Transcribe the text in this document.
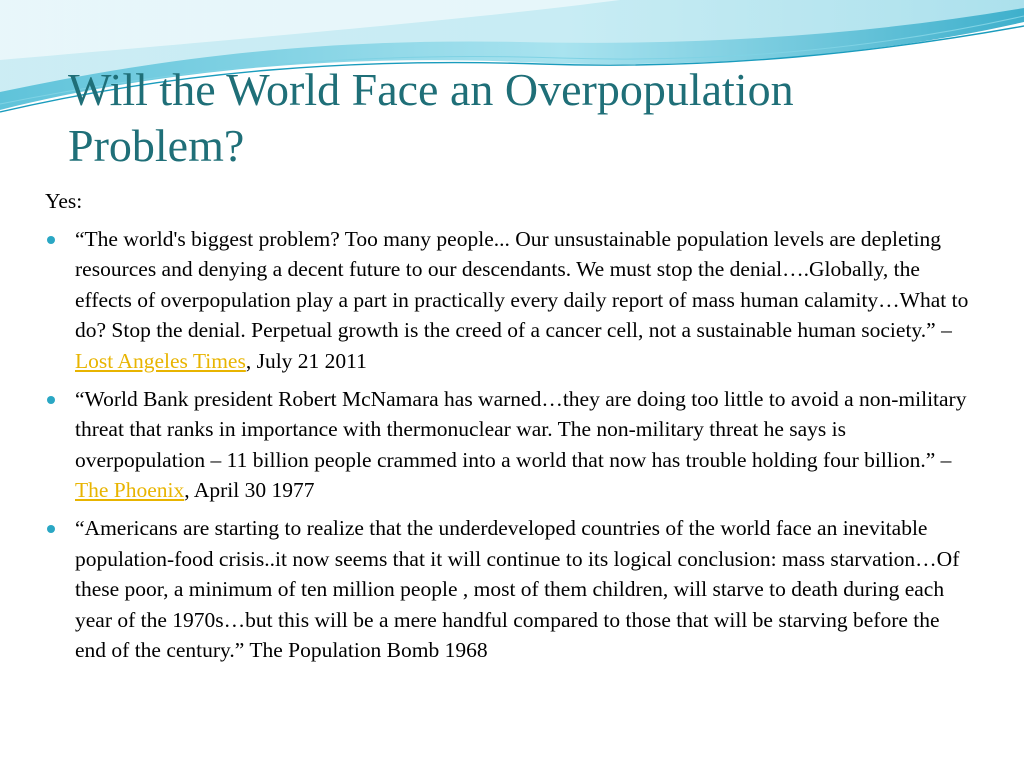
Will the World Face an Overpopulation Problem?

Yes:

“The world's biggest problem? Too many people... Our unsustainable population levels are depleting resources and denying a decent future to our descendants. We must stop the denial….Globally, the effects of overpopulation play a part in practically every daily report of mass human calamity…What to do? Stop the denial. Perpetual growth is the creed of a cancer cell, not a sustainable human society.” – Lost Angeles Times, July 21 2011
“World Bank president Robert McNamara has warned…they are doing too little to avoid a non-military threat that ranks in importance with thermonuclear war. The non-military threat he says is overpopulation – 11 billion people crammed into a world that now has trouble holding four billion.” – The Phoenix, April 30 1977
“Americans are starting to realize that the underdeveloped countries of the world face an inevitable population-food crisis..it now seems that it will continue to its logical conclusion: mass starvation…Of these poor, a minimum of ten million people , most of them children, will starve to death during each year of the 1970s…but this will be a mere handful compared to those that will be starving before the end of the century.” The Population Bomb 1968
